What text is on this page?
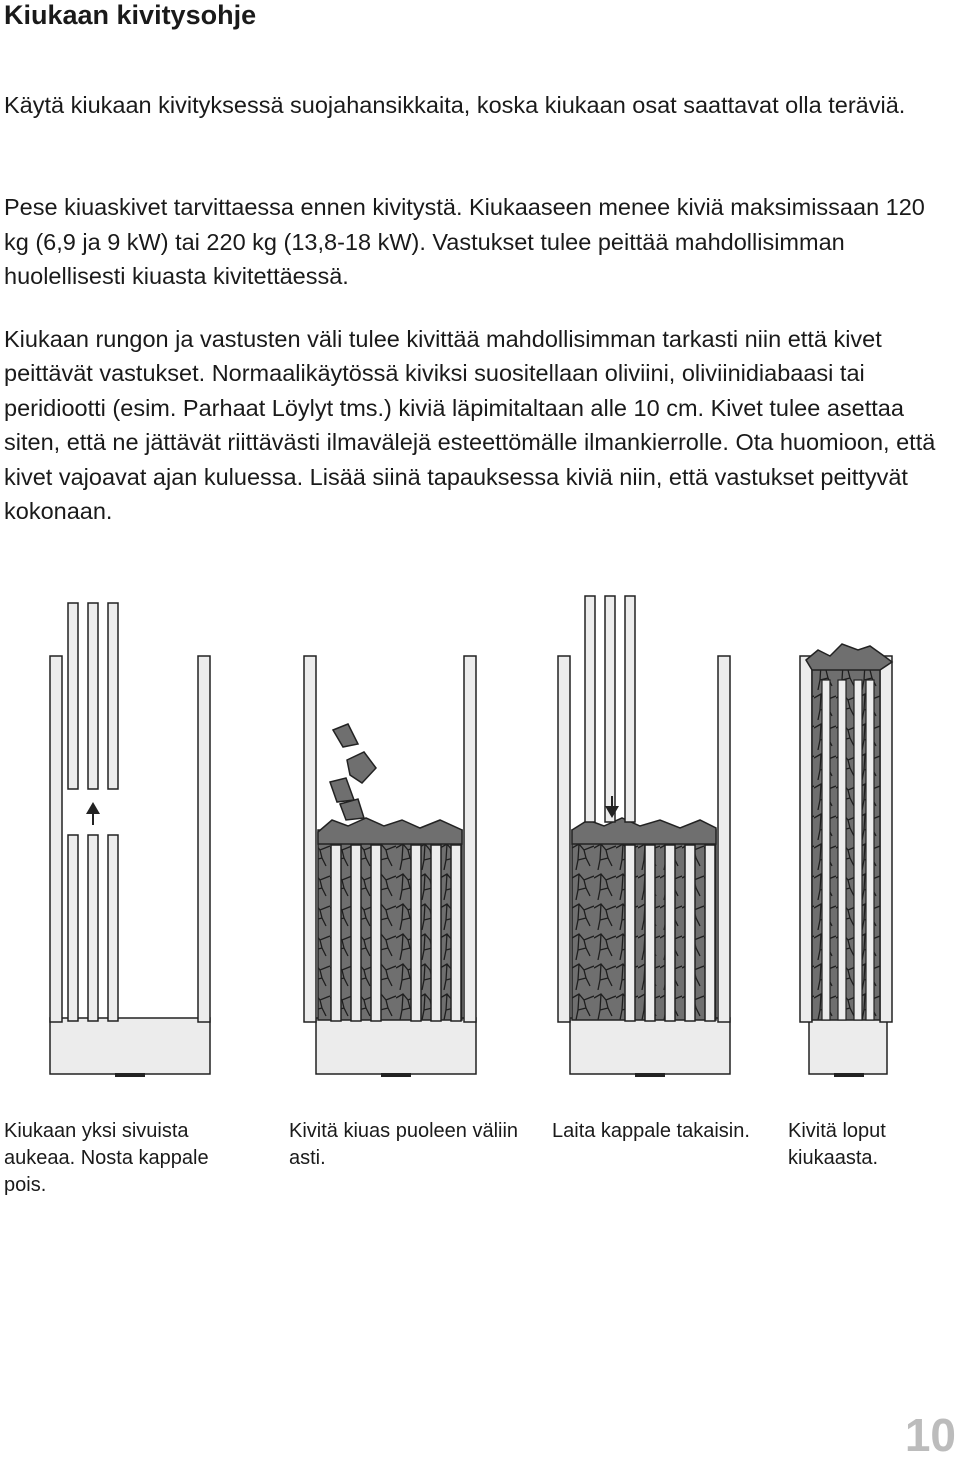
Kiukaan kivitysohje

Käytä kiukaan kivityksessä suojahansikkaita, koska kiukaan osat saattavat olla teräviä.

Pese kiuaskivet tarvittaessa ennen kivitystä. Kiukaaseen menee kiviä maksimissaan 120 kg (6,9 ja 9 kW) tai 220 kg (13,8-18 kW). Vastukset tulee peittää mahdollisimman huolellisesti kiuasta kivitettäessä.

Kiukaan rungon ja vastusten väli tulee kivittää mahdollisimman tarkasti niin että kivet peittävät vastukset. Normaalikäytössä kiviksi suositellaan oliviini, oliviinidiabaasi tai peridiootti (esim. Parhaat Löylyt tms.) kiviä läpimitaltaan alle 10 cm. Kivet tulee asettaa siten, että ne jättävät riittävästi ilmavälejä esteettömälle ilmankierrolle. Ota huomioon, että kivet vajoavat ajan kuluessa. Lisää siinä tapauksessa kiviä niin, että vastukset peittyvät kokonaan.

Kiukaan yksi sivuista aukeaa. Nosta kappale pois.

Kivitä kiuas puoleen väliin asti.

Laita kappale takaisin. Kivitä loput kiukaasta.

10
